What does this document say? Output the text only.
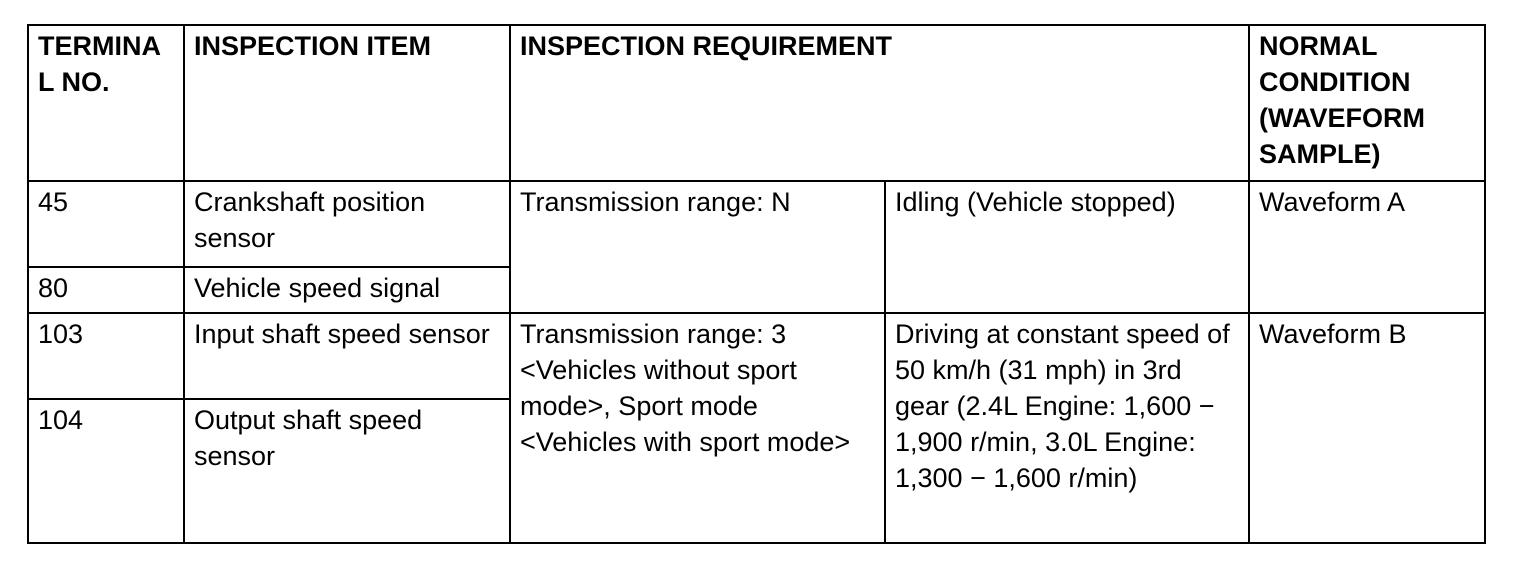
TERMINA L NO.	INSPECTION ITEM	INSPECTION REQUIREMENT		NORMAL CONDITION (WAVEFORM SAMPLE)
45	Crankshaft position sensor	Transmission range: N	Idling (Vehicle stopped)	Waveform A
80	Vehicle speed signal			
103	Input shaft speed sensor	Transmission range: 3 <Vehicles without sport mode>, Sport mode <Vehicles with sport mode>	Driving at constant speed of 50 km/h (31 mph) in 3rd gear (2.4L Engine: 1,600 − 1,900 r/min, 3.0L Engine: 1,300 − 1,600 r/min)	Waveform B
104	Output shaft speed sensor			
